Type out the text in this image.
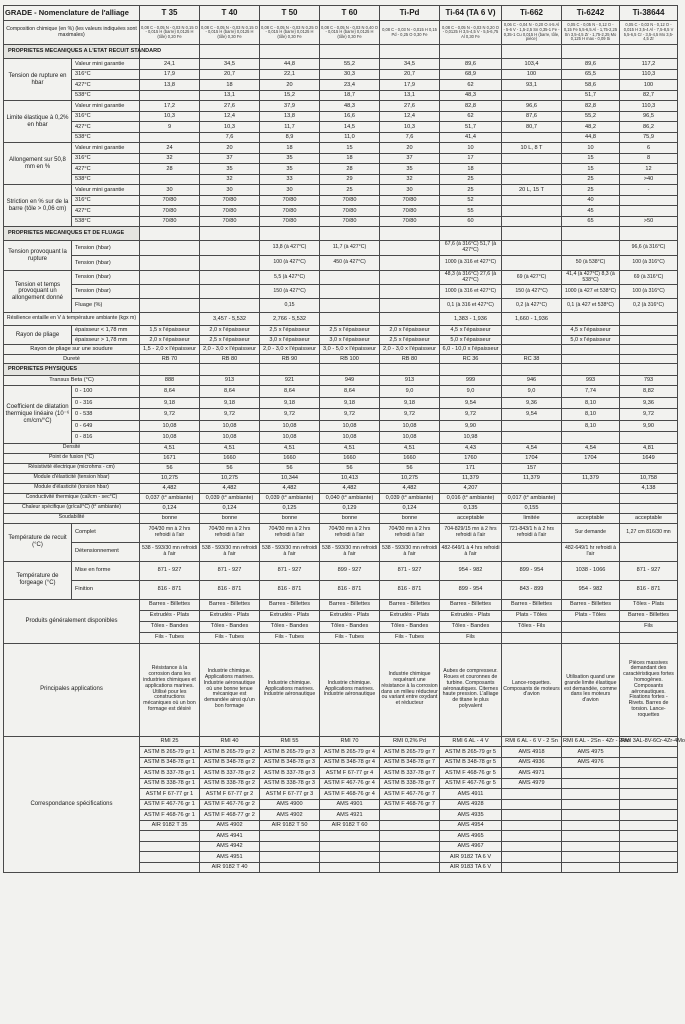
GRADE - Nomenclature de l'alliage		T 35	T 40	T 50	T 60	Ti-Pd	Ti-64 (TA 6 V)	Ti-662	Ti-6242	Ti-38644
Composition chimique (en %) (les valeurs indiquées sont maximales)		0,08 C - 0,05 N - 0,03 N 0,15 O - 0,015 H (barre) 0,0125 H (tôle) 0,20 Fe	0,08 C - 0,05 N - 0,03 N 0,15 O - 0,015 H (barre) 0,0125 H (tôle) 0,30 Fe	0,08 C - 0,05 N - 0,03 N 0,25 O - 0,015 H (barre) 0,0125 H (tôle) 0,30 Fe	0,08 C - 0,05 N - 0,03 N 0,40 O - 0,015 H (barre) 0,0125 H (tôle) 0,30 Fe	0,08 C - 0,03 N - 0,015 H 0,15 Pd - 0,25 O 0,30 Fe	0,08 C - 0,05 N - 0,03 N 0,20 O - 0,0125 H 3,5-4,5 V - 5,5-6,75 Al 0,30 Fe	0,06 C - 0,04 N - 0,20 O 4-5 Al - 5-6 V - 1,5-2,5 Sn 0,35-1 Fe - 0,35-1 Cu 0,015 H (barre, tôle, pièce)	0,05 C - 0,05 N - 0,12 O - 0,15 Fe 5,5-6,5 Al - 1,75-2,25 Sn 3,5-4,5 Zr - 1,75-2,25 Mo 0,125 H max - 0,09 Si	0,05 C - 0,03 N - 0,12 O - 0,015 H 3,5-4 Al - 7,5-8,5 V 5,5-6,5 Cr - 3,5-4,5 Mo 3,5-4,5 Zr
PROPRIETES MECANIQUES A L'ETAT RECUIT STANDARD										
Tension de rupture en hbar	Valeur mini garantie	24,1	34,5	44,8	55,2	34,5	89,6	103,4	89,6	117,2
	316°C	17,9	20,7	22,1	30,3	20,7	68,9	100	65,5	110,3
	427°C	13,8	18	20	23,4	17,9	62	93,1	58,6	100
	538°C		13,1	15,2	18,7	13,1	48,3		51,7	82,7
Limite élastique à 0,2% en hbar	Valeur mini garantie	17,2	27,6	37,9	48,3	27,6	82,8	96,6	82,8	110,3
	316°C	10,3	12,4	13,8	16,6	12,4	62	87,6	55,2	96,5
	427°C	9	10,3	11,7	14,5	10,3	51,7	80,7	48,2	86,2
	538°C		7,6	8,9	11,0	7,6	41,4		44,8	75,9
Allongement sur 50,8 mm en %	Valeur mini garantie	24	20	18	15	20	10	10 L, 8 T	10	6
	316°C	32	37	35	18	37	17		15	8
	427°C	28	35	35	28	35	18		15	12
	538°C		32	33	29	32	25		25	>40
Striction en % sur de la barre (tôle > 0,06 cm)	Valeur mini garantie	30	30	30	25	30	25	20 L, 15 T	25	-
	316°C	70/80	70/80	70/80	70/80	70/80	52		40	
	427°C	70/80	70/80	70/80	70/80	70/80	55		45	
	538°C	70/80	70/80	70/80	70/80	70/80	60		65	>50
PROPRIETES MECANIQUES ET DE FLUAGE										
Tension provoquant la rupture	Tension (hbar)			13,8 (à 427°C)	11,7 (à 427°C)		67,6 (à 316°C) 51,7 (à 427°C)			96,6 (à 316°C)
	Tension (hbar)			100 (à 427°C)	450 (à 427°C)		1000 (à 316 et 427°C)		50 (à 538°C)	100 (à 316°C)
Tension et temps provoquant un allongement donné	Tension (hbar)			5,5 (à 427°C)			48,3 (à 316°C) 27,6 (à 427°C)	69 (à 427°C)	41,4 (à 427°C) 8,3 (à 538°C)	69 (à 316°C)
	Tension (hbar)			150 (à 427°C)			1000 (à 316 et 427°C)	150 (à 427°C)	1000 (à 427 et 538°C)	100 (à 316°C)
	Fluage (%)			0,15			0,1 (à 316 et 427°C)	0,2 (à 427°C)	0,1 (à 427 et 538°C)	0,2 (à 316°C)
Résilience entaille en V à température ambiante (kgx m)			3,457 - 5,532	2,766 - 5,532			1,383 - 1,936	1,660 - 1,936		
Rayon de pliage	épaisseur < 1,78 mm	1,5 x l'épaisseur	2,0 x l'épaisseur	2,5 x l'épaisseur	2,5 x l'épaisseur	2,0 x l'épaisseur	4,5 x l'épaisseur		4,5 x l'épaisseur	
	épaisseur > 1,78 mm	2,0 x l'épaisseur	2,5 x l'épaisseur	3,0 x l'épaisseur	3,0 x l'épaisseur	2,5 x l'épaisseur	5,0 x l'épaisseur		5,0 x l'épaisseur	
Rayon de pliage sur une soudure		1,5 - 2,0 x l'épaisseur	2,0 - 3,0 x l'épaisseur	2,0 - 3,0 x l'épaisseur	3,0 - 5,0 x l'épaisseur	2,0 - 3,0 x l'épaisseur	6,0 - 10,0 x l'épaisseur			
Dureté		RB 70	RB 80	RB 90	RB 100	RB 80	RC 36	RC 38		
PROPRIETES PHYSIQUES										
Transus Beta (°C)		888	913	921	949	913	999	946	993	793
Coefficient de dilatation thermique linéaire (10⁻⁶ cm/cm/°C)	0 - 100	8,64	8,64	8,64	8,64	9,0	9,0	9,0	7,74	8,82
	0 - 316	9,18	9,18	9,18	9,18	9,18	9,54	9,36	8,10	9,36
	0 - 538	9,72	9,72	9,72	9,72	9,72	9,72	9,54	8,10	9,72
	0 - 649	10,08	10,08	10,08	10,08	10,08	9,90		8,10	9,90
	0 - 816	10,08	10,08	10,08	10,08	10,08	10,98			
Densité		4,51	4,51	4,51	4,51	4,51	4,43	4,54	4,54	4,81
Point de fusion (°C)		1671	1660	1660	1660	1660	1760	1704	1704	1649
Résistivité électrique (microhms - cm)		56	56	56	56	56	171	157		
Module d'élasticité (tension hbar)		10,275	10,275	10,344	10,413	10,275	11,379	11,379	11,379	10,758
Module d'élasticité (torsion hbar)		4,482	4,482	4,482	4,482	4,482	4,207			4,138
Conductivité thermique (cal/cm - sec°C)		0,037 (t° ambiante)	0,039 (t° ambiante)	0,039 (t° ambiante)	0,040 (t° ambiante)	0,039 (t° ambiante)	0,016 (t° ambiante)	0,017 (t° ambiante)		
Chaleur spécifique (gr/cal/°C) (t° ambiante)		0,124	0,124	0,125	0,129	0,124	0,135	0,155		
Soudabilité		bonne	bonne	bonne	bonne	bonne	acceptable	limitée	acceptable	acceptable
Température de recuit (°C)	Complet	704/30 mn à 2 hrs refroidi à l'air	704/30 mn à 2 hrs refroidi à l'air	704/30 mn à 2 hrs refroidi à l'air	704/30 mn à 2 hrs refroidi à l'air	704/30 mn à 2 hrs refroidi à l'air	704-829/15 mn à 2 hrs refroidi à l'air	721-843/1 h à 2 hrs refroidi à l'air	Sur demande	1,27 cm 816/30 mn
	Détensionnement	538 - 593/30 mn refroidi à l'air	538 - 593/30 mn refroidi à l'air	538 - 593/30 mn refroidi à l'air	538 - 593/30 mn refroidi à l'air	538 - 593/30 mn refroidi à l'air	482-649/1 à 4 hrs refroidi à l'air		482-649/1 hr refroidi à l'air	
Température de forgeage (°C)	Mise en forme	871 - 927	871 - 927	871 - 927	899 - 927	871 - 927	954 - 982	899 - 954	1038 - 1066	871 - 927
	Finition	816 - 871	816 - 871	816 - 871	816 - 871	816 - 871	899 - 954	843 - 899	954 - 982	816 - 871
Produits généralement disponibles		Barres - Billettes	Barres - Billettes	Barres - Billettes	Barres - Billettes	Barres - Billettes	Barres - Billettes	Barres - Billettes	Barres - Billettes	Tôles - Plats
		Extrudés - Plats	Extrudés - Plats	Extrudés - Plats	Extrudés - Plats	Extrudés - Plats	Extrudés - Plats	Plats - Tôles	Plats - Tôles	Barres - Billettes
		Tôles - Bandes	Tôles - Bandes	Tôles - Bandes	Tôles - Bandes	Tôles - Bandes	Tôles - Bandes	Tôles - Fils		Fils
		Fils - Tubes	Fils - Tubes	Fils - Tubes	Fils - Tubes	Fils - Tubes	Fils			
Principales applications		Résistance à la corrosion dans les industries chimiques et applications marines. Utilisé pour les constructions mécaniques où un bon formage est désiré	Industrie chimique. Applications marines. Industrie aéronautique où une bonne tenue mécanique est demandée ainsi qu'un bon formage	Industrie chimique. Applications marines. Industrie aéronautique	Industrie chimique. Applications marines. Industrie aéronautique	Industrie chimique requérant une résistance à la corrosion dans un milieu réducteur ou variant entre oxydant et réducteur	Aubes de compresseur. Roues et couronnes de turbine. Composants aéronautiques. Citernes haute pression. L'alliage de titane le plus polyvalent	Lance-roquettes. Composants de moteurs d'avion	Utilisation quand une grande limite élastique est demandée, comme dans les moteurs d'avion	Pièces massives demandant des caractéristiques fortes homogènes. Composants aéronautiques. Fixations fortes - Rivets. Barres de torsion. Lance-roquettes
Correspondance spécifications		RMI 25	RMI 40	RMI 55	RMI 70	RMI 0,2% Pd	RMI 6 AL - 4 V	RMI 6 AL - 6 V - 2 Sn	RMI 6 AL - 2Sn - 4Zr - 2Mo	RMI 3AL-8V-6Cr-4Zr-4Mo
		ASTM B 265-79 gr 1	ASTM B 265-79 gr 2	ASTM B 265-79 gr 3	ASTM B 265-79 gr 4	ASTM B 265-79 gr 7	ASTM B 265-79 gr 5	AMS 4918	AMS 4975	
		ASTM B 348-78 gr 1	ASTM B 348-78 gr 2	ASTM B 348-78 gr 3	ASTM B 348-78 gr 4	ASTM B 348-78 gr 7	ASTM B 348-78 gr 5	AMS 4936	AMS 4976	
		ASTM B 337-78 gr 1	ASTM B 337-78 gr 2	ASTM B 337-78 gr 3	ASTM F 67-77 gr 4	ASTM B 337-78 gr 7	ASTM F 468-76 gr 5	AMS 4971		
		ASTM B 338-78 gr 1	ASTM B 338-78 gr 2	ASTM B 338-78 gr 3	ASTM F 467-76 gr 4	ASTM B 338-78 gr 7	ASTM F 467-76 gr 5	AMS 4979		
		ASTM F 67-77 gr 1	ASTM F 67-77 gr 2	ASTM F 67-77 gr 3	ASTM F 468-76 gr 4	ASTM F 467-76 gr 7	AMS 4911			
		ASTM F 467-76 gr 1	ASTM F 467-76 gr 2	AMS 4900	AMS 4901	ASTM F 468-76 gr 7	AMS 4928			
		ASTM F 468-76 gr 1	ASTM F 468-77 gr 2	AMS 4902	AMS 4921		AMS 4935			
		AIR 9182 T 35	AMS 4902	AIR 9182 T 50	AIR 9182 T 60		AMS 4954			
			AMS 4941				AMS 4965			
			AMS 4942				AMS 4967			
			AMS 4951				AIR 9182 TA 6 V			
			AIR 9182 T 40				AIR 9183 TA 6 V			
